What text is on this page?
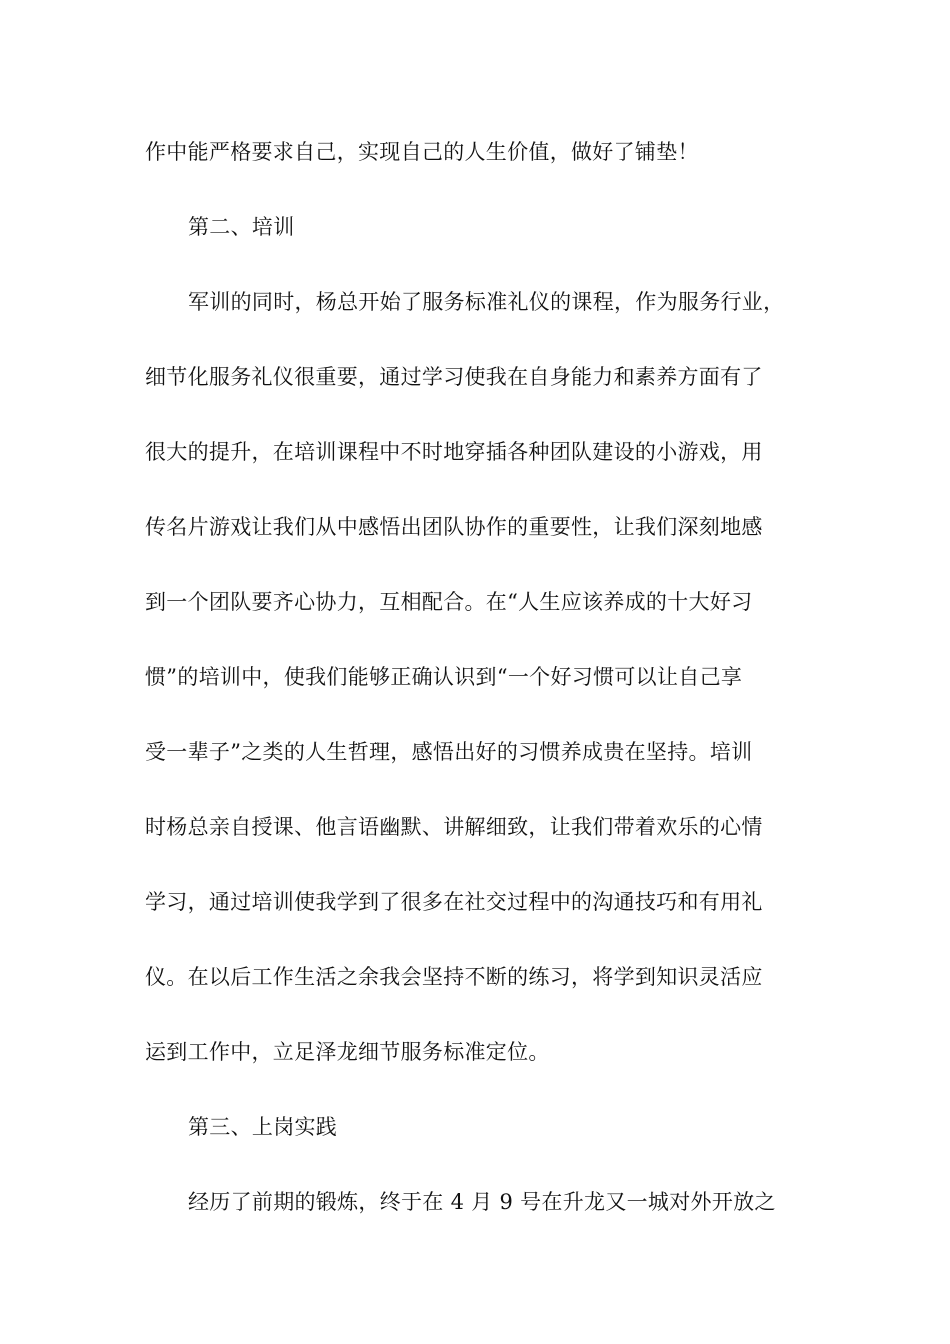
作中能严格要求自己，实现自己的人生价值，做好了铺垫！

第二、培训

军训的同时，杨总开始了服务标准礼仪的课程，作为服务行业，

细节化服务礼仪很重要，通过学习使我在自身能力和素养方面有了

很大的提升，在培训课程中不时地穿插各种团队建设的小游戏，用

传名片游戏让我们从中感悟出团队协作的重要性，让我们深刻地感

到一个团队要齐心协力，互相配合。在“人生应该养成的十大好习

惯”的培训中，使我们能够正确认识到“一个好习惯可以让自己享

受一辈子”之类的人生哲理，感悟出好的习惯养成贵在坚持。培训

时杨总亲自授课、他言语幽默、讲解细致，让我们带着欢乐的心情

学习，通过培训使我学到了很多在社交过程中的沟通技巧和有用礼

仪。在以后工作生活之余我会坚持不断的练习，将学到知识灵活应

运到工作中，立足泽龙细节服务标准定位。

第三、上岗实践

经历了前期的锻炼，终于在 4 月 9 号在升龙又一城对外开放之
